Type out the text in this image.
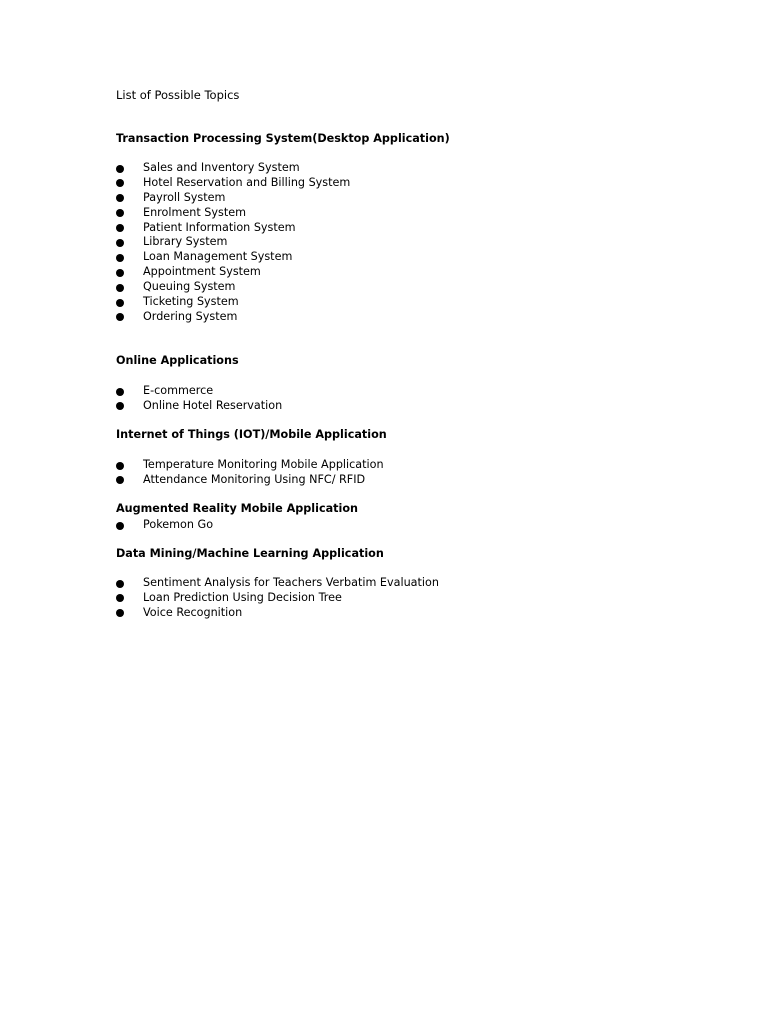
List of Possible Topics
Transaction Processing System(Desktop Application)
Sales and Inventory System
Hotel Reservation and Billing System
Payroll System
Enrolment System
Patient Information System
Library System
Loan Management System
Appointment System
Queuing System
Ticketing System
Ordering System
Online Applications
E-commerce
Online Hotel Reservation
Internet of Things (IOT)/Mobile Application
Temperature Monitoring Mobile Application
Attendance Monitoring Using NFC/ RFID
Augmented Reality Mobile Application
Pokemon Go
Data Mining/Machine Learning Application
Sentiment Analysis for Teachers Verbatim Evaluation
Loan Prediction Using Decision Tree
Voice Recognition
